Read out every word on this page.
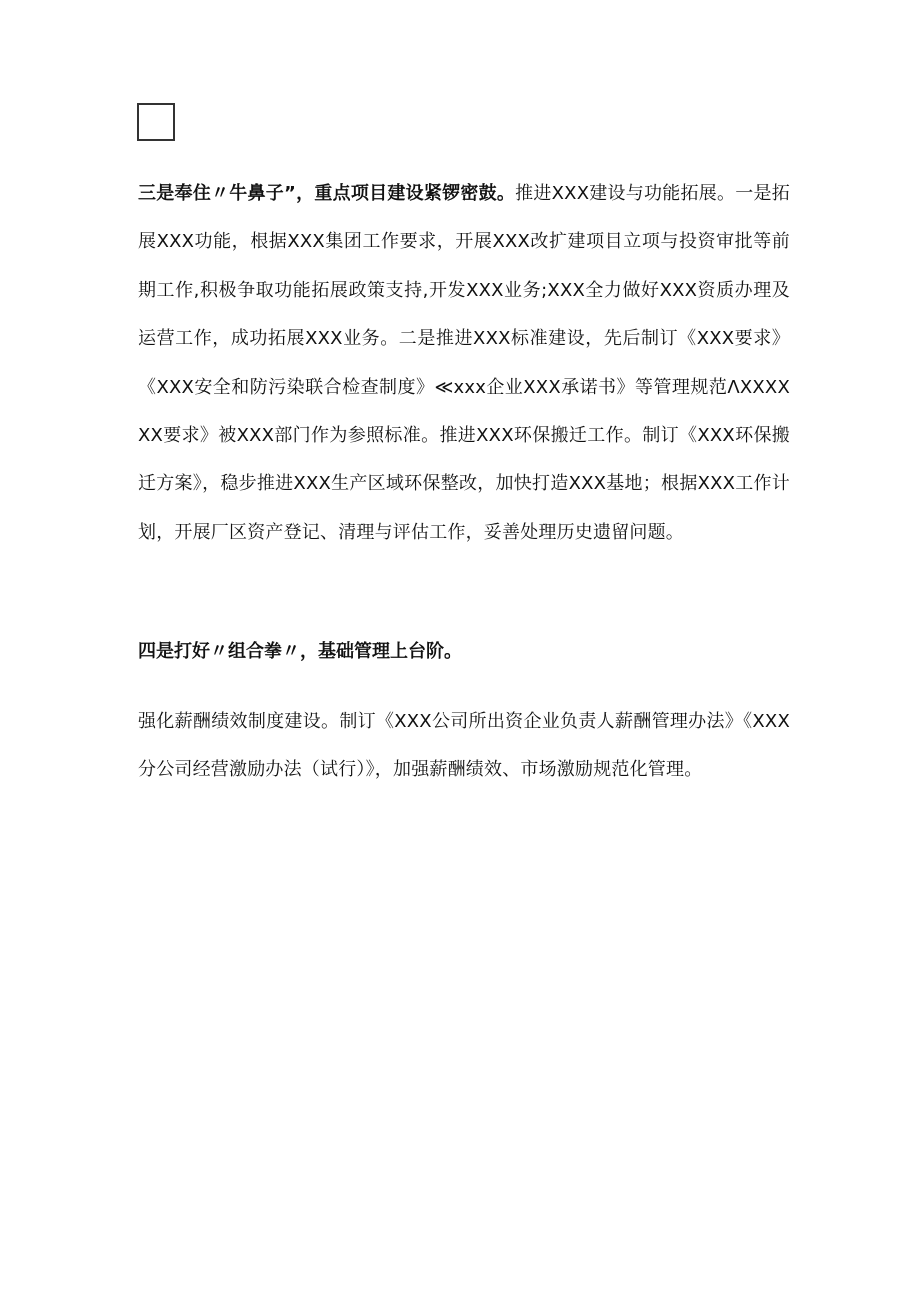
三是奉住〃牛鼻子”，重点项目建设紧锣密鼓。推进XXX建设与功能拓展。一是拓展XXX功能，根据XXX集团工作要求，开展XXX改扩建项目立项与投资审批等前期工作,积极争取功能拓展政策支持,开发XXX业务;XXX全力做好XXX资质办理及运营工作，成功拓展XXX业务。二是推进XXX标准建设，先后制订《XXX要求》《XXX安全和防污染联合检查制度》≪xxx企业XXX承诺书》等管理规范ΛXXXXXX要求》被XXX部门作为参照标准。推进XXX环保搬迁工作。制订《XXX环保搬迁方案》，稳步推进XXX生产区域环保整改，加快打造XXX基地；根据XXX工作计划，开展厂区资产登记、清理与评估工作，妥善处理历史遗留问题。

四是打好〃组合拳〃，基础管理上台阶。

强化薪酬绩效制度建设。制订《XXX公司所出资企业负责人薪酬管理办法》《XXX分公司经营激励办法（试行）》，加强薪酬绩效、市场激励规范化管理。
